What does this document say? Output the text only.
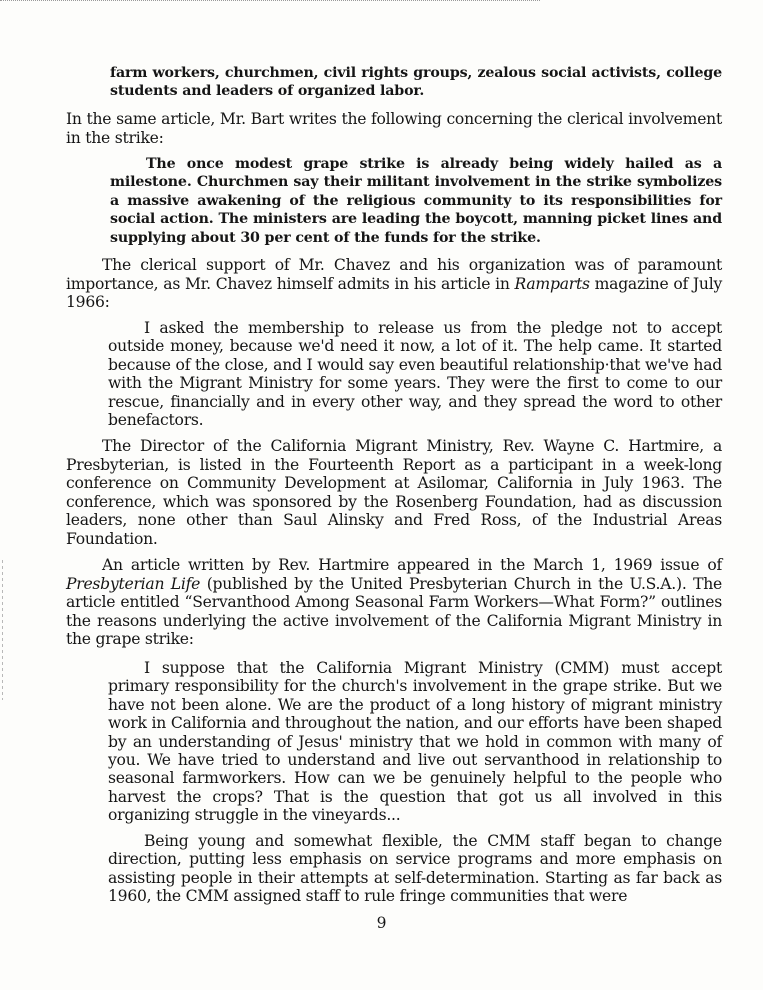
farm workers, churchmen, civil rights groups, zealous social activists, college students and leaders of organized labor.

In the same article, Mr. Bart writes the following concerning the clerical involvement in the strike:

The once modest grape strike is already being widely hailed as a milestone. Churchmen say their militant involvement in the strike symbolizes a massive awakening of the religious community to its responsibilities for social action. The ministers are leading the boycott, manning picket lines and supplying about 30 per cent of the funds for the strike.

The clerical support of Mr. Chavez and his organization was of paramount importance, as Mr. Chavez himself admits in his article in Ramparts magazine of July 1966:

I asked the membership to release us from the pledge not to accept outside money, because we'd need it now, a lot of it. The help came. It started because of the close, and I would say even beautiful relationship·that we've had with the Migrant Ministry for some years. They were the first to come to our rescue, financially and in every other way, and they spread the word to other benefactors.

The Director of the California Migrant Ministry, Rev. Wayne C. Hartmire, a Presbyterian, is listed in the Fourteenth Report as a participant in a week-long conference on Community Development at Asilomar, California in July 1963. The conference, which was sponsored by the Rosenberg Foundation, had as discussion leaders, none other than Saul Alinsky and Fred Ross, of the Industrial Areas Foundation.

An article written by Rev. Hartmire appeared in the March 1, 1969 issue of Presbyterian Life (published by the United Presbyterian Church in the U.S.A.). The article entitled “Servanthood Among Seasonal Farm Workers—What Form?” outlines the reasons underlying the active involvement of the California Migrant Ministry in the grape strike:

I suppose that the California Migrant Ministry (CMM) must accept primary responsibility for the church's involvement in the grape strike. But we have not been alone. We are the product of a long history of migrant ministry work in California and throughout the nation, and our efforts have been shaped by an understanding of Jesus' ministry that we hold in common with many of you. We have tried to understand and live out servanthood in relationship to seasonal farmworkers. How can we be genuinely helpful to the people who harvest the crops? That is the question that got us all involved in this organizing struggle in the vineyards...

Being young and somewhat flexible, the CMM staff began to change direction, putting less emphasis on service programs and more emphasis on assisting people in their attempts at self-determination. Starting as far back as 1960, the CMM assigned staff to rule fringe communities that were

9
